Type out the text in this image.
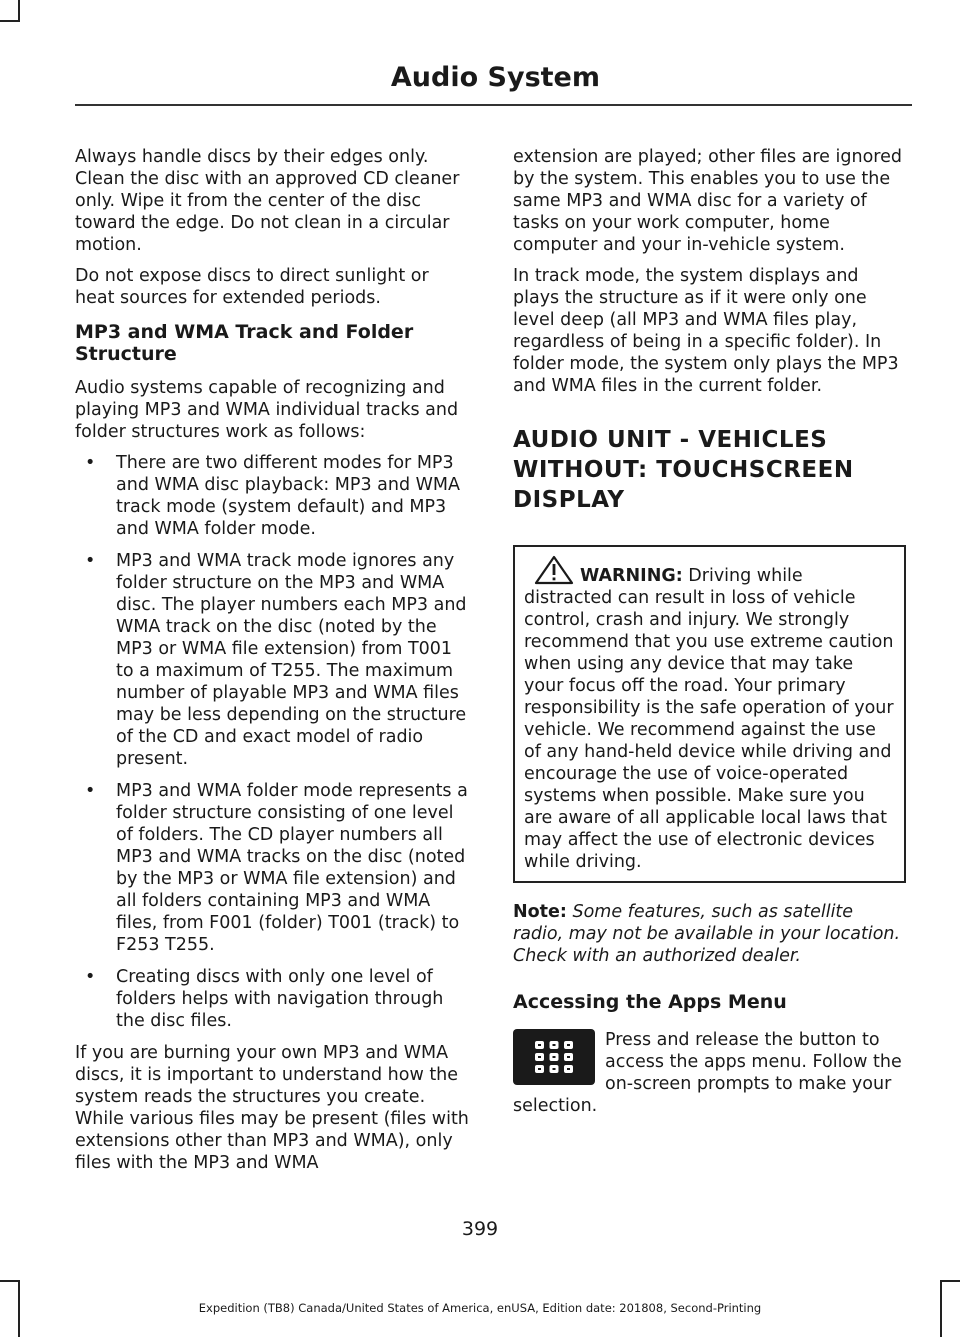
Audio System

Always handle discs by their edges only. Clean the disc with an approved CD cleaner only. Wipe it from the center of the disc toward the edge. Do not clean in a circular motion.

Do not expose discs to direct sunlight or heat sources for extended periods.

MP3 and WMA Track and Folder Structure

Audio systems capable of recognizing and playing MP3 and WMA individual tracks and folder structures work as follows:

• There are two different modes for MP3 and WMA disc playback: MP3 and WMA track mode (system default) and MP3 and WMA folder mode.
• MP3 and WMA track mode ignores any folder structure on the MP3 and WMA disc. The player numbers each MP3 and WMA track on the disc (noted by the MP3 or WMA file extension) from T001 to a maximum of T255. The maximum number of playable MP3 and WMA files may be less depending on the structure of the CD and exact model of radio present.
• MP3 and WMA folder mode represents a folder structure consisting of one level of folders. The CD player numbers all MP3 and WMA tracks on the disc (noted by the MP3 or WMA file extension) and all folders containing MP3 and WMA files, from F001 (folder) T001 (track) to F253 T255.
• Creating discs with only one level of folders helps with navigation through the disc files.

If you are burning your own MP3 and WMA discs, it is important to understand how the system reads the structures you create. While various files may be present (files with extensions other than MP3 and WMA), only files with the MP3 and WMA

extension are played; other files are ignored by the system. This enables you to use the same MP3 and WMA disc for a variety of tasks on your work computer, home computer and your in-vehicle system.

In track mode, the system displays and plays the structure as if it were only one level deep (all MP3 and WMA files play, regardless of being in a specific folder). In folder mode, the system only plays the MP3 and WMA files in the current folder.

AUDIO UNIT - VEHICLES
WITHOUT: TOUCHSCREEN
DISPLAY

WARNING: Driving while distracted can result in loss of vehicle control, crash and injury. We strongly recommend that you use extreme caution when using any device that may take your focus off the road. Your primary responsibility is the safe operation of your vehicle. We recommend against the use of any hand-held device while driving and encourage the use of voice-operated systems when possible. Make sure you are aware of all applicable local laws that may affect the use of electronic devices while driving.

Note: Some features, such as satellite radio, may not be available in your location. Check with an authorized dealer.

Accessing the Apps Menu

Press and release the button to access the apps menu. Follow the on-screen prompts to make your selection.

399
Expedition (TB8) Canada/United States of America, enUSA, Edition date: 201808, Second-Printing
